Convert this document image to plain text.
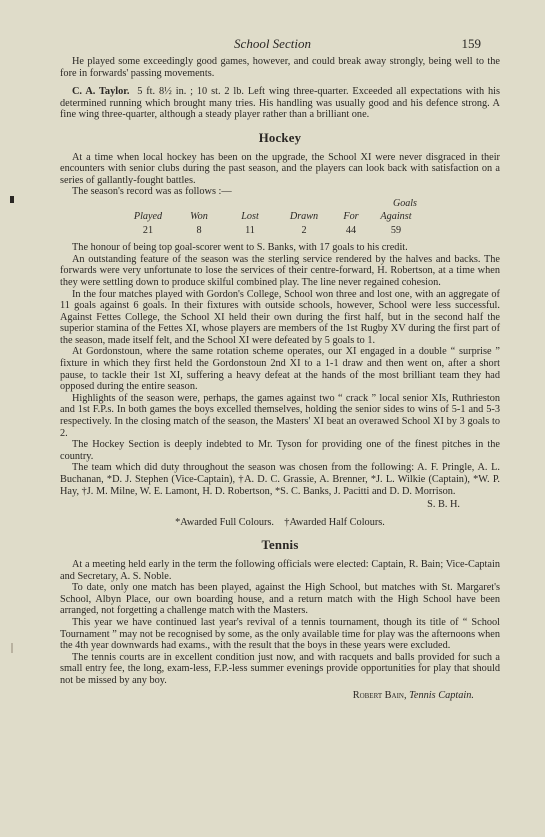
School Section	159

He played some exceedingly good games, however, and could break away strongly, being well to the fore in forwards' passing movements.

C. A. Taylor. 5 ft. 8½ in. ; 10 st. 2 lb. Left wing three-quarter. Exceeded all expectations with his determined running which brought many tries. His handling was usually good and his defence strong. A fine wing three-quarter, although a steady player rather than a brilliant one.

Hockey

At a time when local hockey has been on the upgrade, the School XI were never disgraced in their encounters with senior clubs during the past season, and the players can look back with satisfaction on a series of gallantly-fought battles.

The season's record was as follows :—

Goals
Played	Won	Lost	Drawn	For	Against
21	8	11	2	44	59

The honour of being top goal-scorer went to S. Banks, with 17 goals to his credit.

An outstanding feature of the season was the sterling service rendered by the halves and backs. The forwards were very unfortunate to lose the services of their centre-forward, H. Robertson, at a time when they were settling down to produce skilful combined play. The line never regained cohesion.

In the four matches played with Gordon's College, School won three and lost one, with an aggregate of 11 goals against 6 goals. In their fixtures with outside schools, however, School were less successful. Against Fettes College, the School XI held their own during the first half, but in the second half the superior stamina of the Fettes XI, whose players are members of the 1st Rugby XV during the first part of the season, made itself felt, and the School XI were defeated by 5 goals to 1.

At Gordonstoun, where the same rotation scheme operates, our XI engaged in a double “ surprise ” fixture in which they first held the Gordonstoun 2nd XI to a 1-1 draw and then went on, after a short pause, to tackle their 1st XI, suffering a heavy defeat at the hands of the most brilliant team they had opposed during the entire season.

Highlights of the season were, perhaps, the games against two “ crack ” local senior XIs, Ruthrieston and 1st F.P.s. In both games the boys excelled themselves, holding the senior sides to wins of 5-1 and 5-3 respectively. In the closing match of the season, the Masters' XI beat an overawed School XI by 3 goals to 2.

The Hockey Section is deeply indebted to Mr. Tyson for providing one of the finest pitches in the country.

The team which did duty throughout the season was chosen from the following: A. F. Pringle, A. L. Buchanan, *D. J. Stephen (Vice-Captain), †A. D. C. Grassie, A. Brenner, *J. L. Wilkie (Captain), *W. P. Hay, †J. M. Milne, W. E. Lamont, H. D. Robertson, *S. C. Banks, J. Pacitti and D. D. Morrison.

S. B. H.
*Awarded Full Colours.    †Awarded Half Colours.
Tennis

At a meeting held early in the term the following officials were elected: Captain, R. Bain; Vice-Captain and Secretary, A. S. Noble.

To date, only one match has been played, against the High School, but matches with St. Margaret's School, Albyn Place, our own boarding house, and a return match with the High School have been arranged, not forgetting a challenge match with the Masters.

This year we have continued last year's revival of a tennis tournament, though its title of “ School Tournament ” may not be recognised by some, as the only available time for play was the afternoons when the 4th year downwards had exams., with the result that the boys in these years were excluded.

The tennis courts are in excellent condition just now, and with racquets and balls provided for such a small entry fee, the long, exam-less, F.P.-less summer evenings provide opportunities for play that should not be missed by any boy.

Robert Bain, Tennis Captain.
